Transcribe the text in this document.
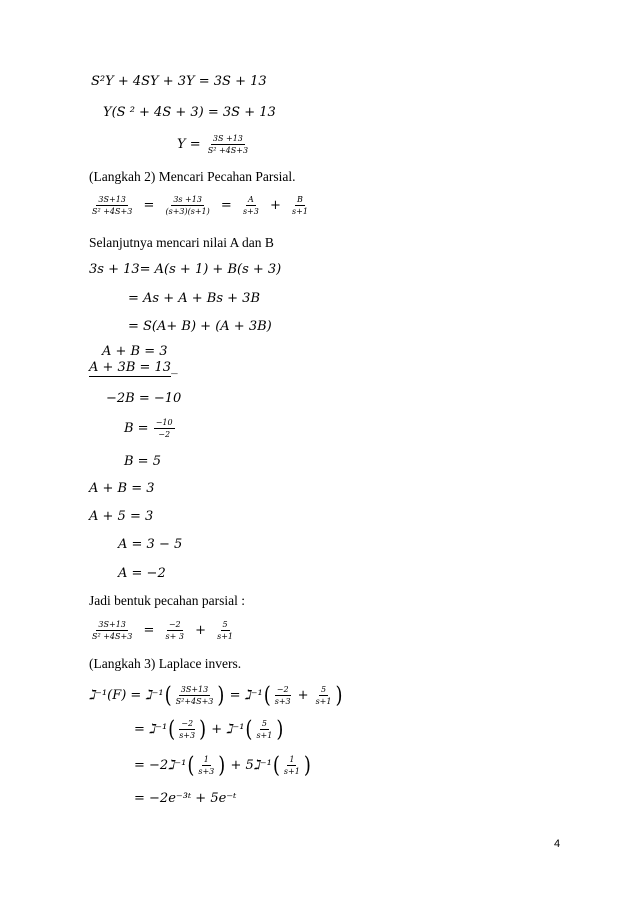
S²Y + 4SY + 3Y = 3S + 13
Y(S ² + 4S + 3) = 3S + 13
$Y = \frac{3S +13}{\text{S² +4S+3}}$
(Langkah 2) Mencari Pecahan Parsial.
$\frac{3S+13}{\text{S² +4S+3}} = \frac{3s +13}{(s+3)(s+1)} = \frac{A}{s+3} + \frac{B}{s+1}$
Selanjutnya mencari nilai A dan B
3s + 13= A(s + 1) + B(s + 3)
= As + A + Bs + 3B
= S(A+ B) + (A + 3B)
A + B = 3
A + 3B = 13_
−2B = −10
$B = \frac{-10}{-2}$
B = 5
A + B = 3
A + 5 = 3
A = 3 − 5
A = −2
Jadi bentuk pecahan parsial :
$\frac{3S+13}{\text{S² +4S+3}} = \frac{-2}{s+ 3} + \frac{5}{s+1}$
(Langkah 3) Laplace invers.
ℷ⁻¹(F) = ℷ⁻¹( $\frac{3S+13}{\text{S²+4S+3}}$ ) = ℷ⁻¹( $\frac{-2}{s+3} + \frac{5}{s+1}$ )
= ℷ⁻¹( $\frac{-2}{s+3}$ ) + ℷ⁻¹( $\frac{5}{s+1}$ )
= −2ℷ⁻¹( $\frac{1}{s+3}$ ) + 5ℷ⁻¹( $\frac{1}{s+1}$ )
= −2e⁻³ᵗ + 5e⁻ᵗ
4
